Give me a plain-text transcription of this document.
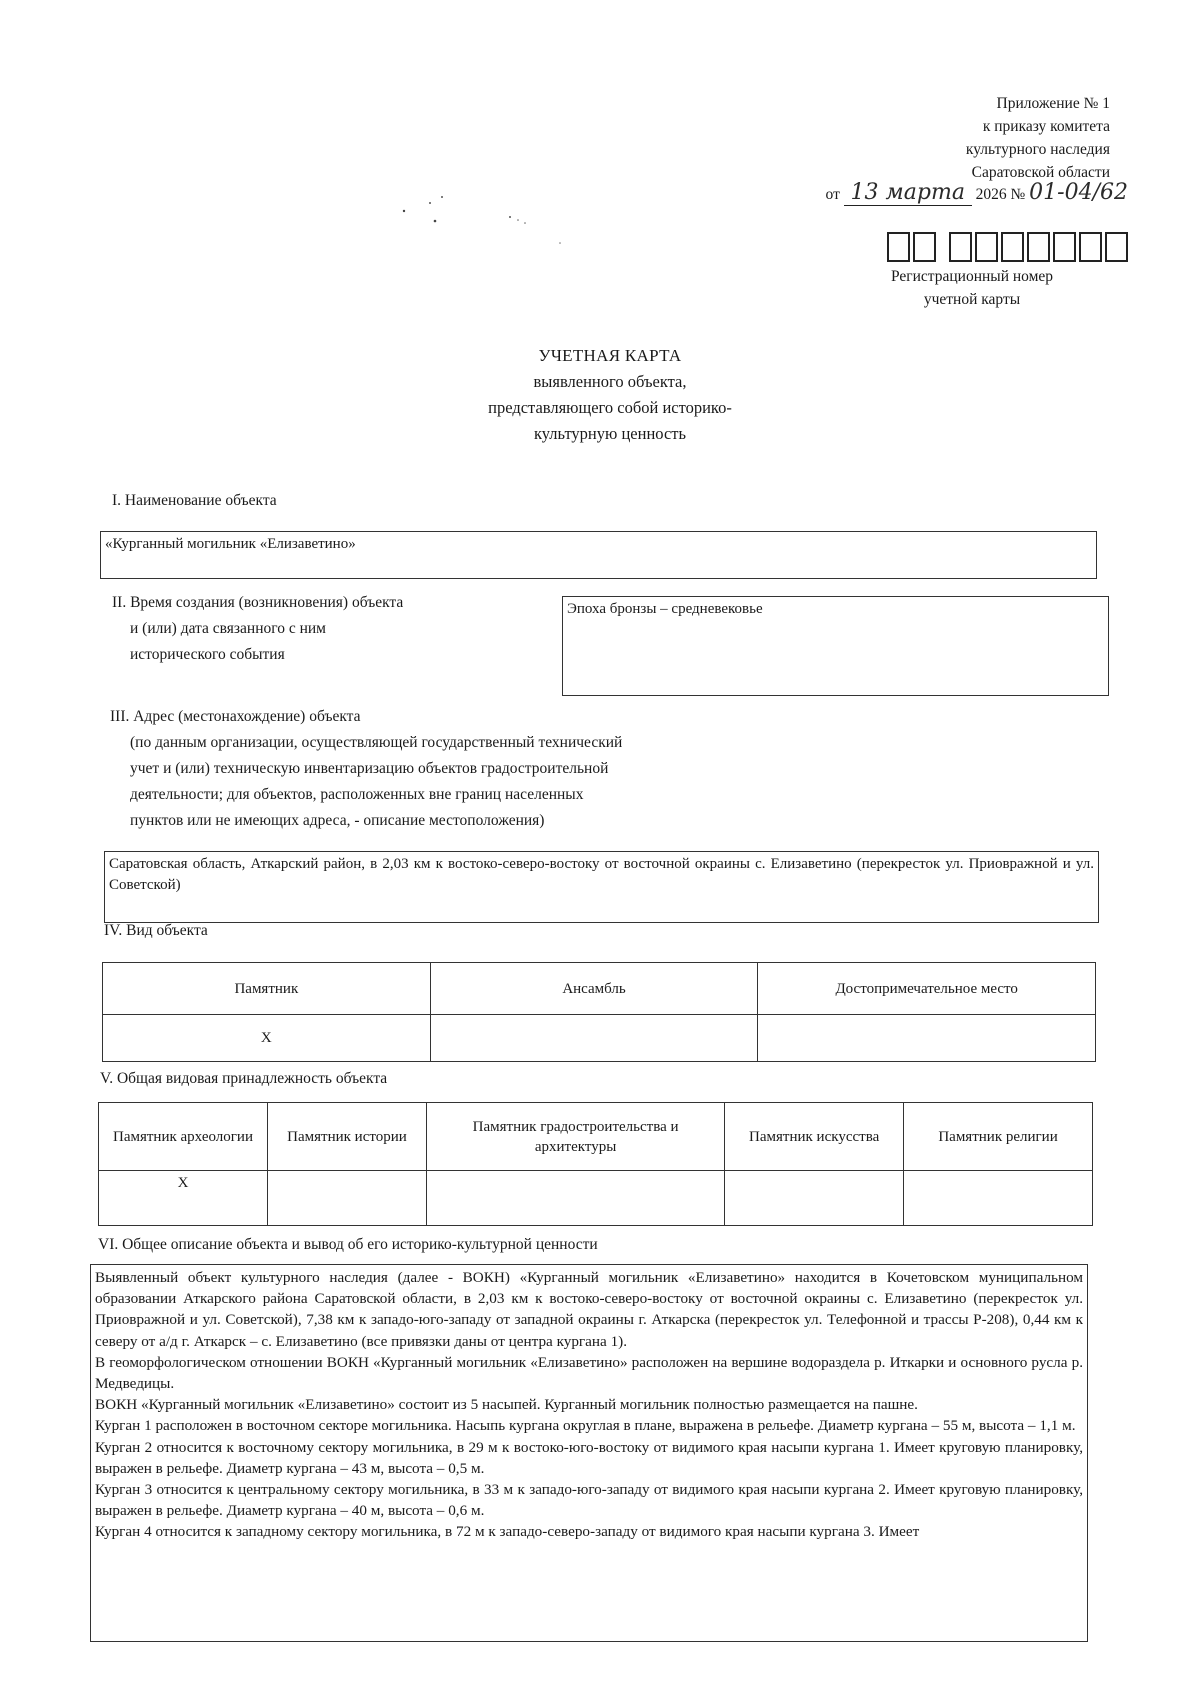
Приложение № 1
к приказу комитета
культурного наследия
Саратовской области
от 13 марта 2026 № 01-04/62
Регистрационный номер
учетной карты
УЧЕТНАЯ КАРТА
выявленного объекта,
представляющего собой историко-
культурную ценность
I. Наименование объекта
«Курганный могильник «Елизаветино»
II. Время создания (возникновения) объекта
и (или) дата связанного с ним
исторического события
Эпоха бронзы – средневековье
III. Адрес (местонахождение) объекта
(по данным организации, осуществляющей государственный технический
учет и (или) техническую инвентаризацию объектов градостроительной
деятельности; для объектов, расположенных вне границ населенных
пунктов или не имеющих адреса, - описание местоположения)
Саратовская область, Аткарский район, в 2,03 км к востоко-северо-востоку от восточной окраины с. Елизаветино (перекресток ул. Приовражной и ул. Советской)
IV. Вид объекта
Памятник	Ансамбль	Достопримечательное место
Х		
V. Общая видовая принадлежность объекта
Памятник археологии	Памятник истории	Памятник градостроительства и архитектуры	Памятник искусства	Памятник религии
Х				
VI. Общее описание объекта и вывод об его историко-культурной ценности

Выявленный объект культурного наследия (далее - ВОКН) «Курганный могильник «Елизаветино» находится в Кочетовском муниципальном образовании Аткарского района Саратовской области, в 2,03 км к востоко-северо-востоку от восточной окраины с. Елизаветино (перекресток ул. Приовражной и ул. Советской), 7,38 км к западо-юго-западу от западной окраины г. Аткарска (перекресток ул. Телефонной и трассы Р-208), 0,44 км к северу от а/д г. Аткарск – с. Елизаветино (все привязки даны от центра кургана 1).

В геоморфологическом отношении ВОКН «Курганный могильник «Елизаветино» расположен на вершине водораздела р. Иткарки и основного русла р. Медведицы.

ВОКН «Курганный могильник «Елизаветино» состоит из 5 насыпей. Курганный могильник полностью размещается на пашне.

Курган 1 расположен в восточном секторе могильника. Насыпь кургана округлая в плане, выражена в рельефе. Диаметр кургана – 55 м, высота – 1,1 м.

Курган 2 относится к восточному сектору могильника, в 29 м к востоко-юго-востоку от видимого края насыпи кургана 1. Имеет круговую планировку, выражен в рельефе. Диаметр кургана – 43 м, высота – 0,5 м.

Курган 3 относится к центральному сектору могильника, в 33 м к западо-юго-западу от видимого края насыпи кургана 2. Имеет круговую планировку, выражен в рельефе. Диаметр кургана – 40 м, высота – 0,6 м.

Курган 4 относится к западному сектору могильника, в 72 м к западо-северо-западу от видимого края насыпи кургана 3. Имеет
